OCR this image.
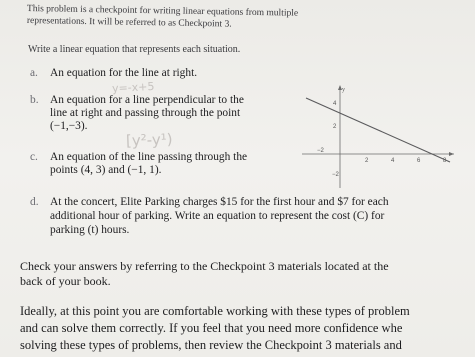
This problem is a checkpoint for writing linear equations from multiple
representations. It will be referred to as Checkpoint 3.
Write a linear equation that represents each situation.
a. An equation for the line at right.
y=-x+5
b. An equation for a line perpendicular to the
line at right and passing through the point
(−1,−3).
[y²-y¹)
c. An equation of the line passing through the
points (4, 3) and (−1, 1).
y
4
2
−2
−2
2	4	6	8
d. At the concert, Elite Parking charges $15 for the first hour and $7 for each
additional hour of parking. Write an equation to represent the cost (C) for
parking (t) hours.
Check your answers by referring to the Checkpoint 3 materials located at the
back of your book.
Ideally, at this point you are comfortable working with these types of problem
and can solve them correctly. If you feel that you need more confidence whe
solving these types of problems, then review the Checkpoint 3 materials and
